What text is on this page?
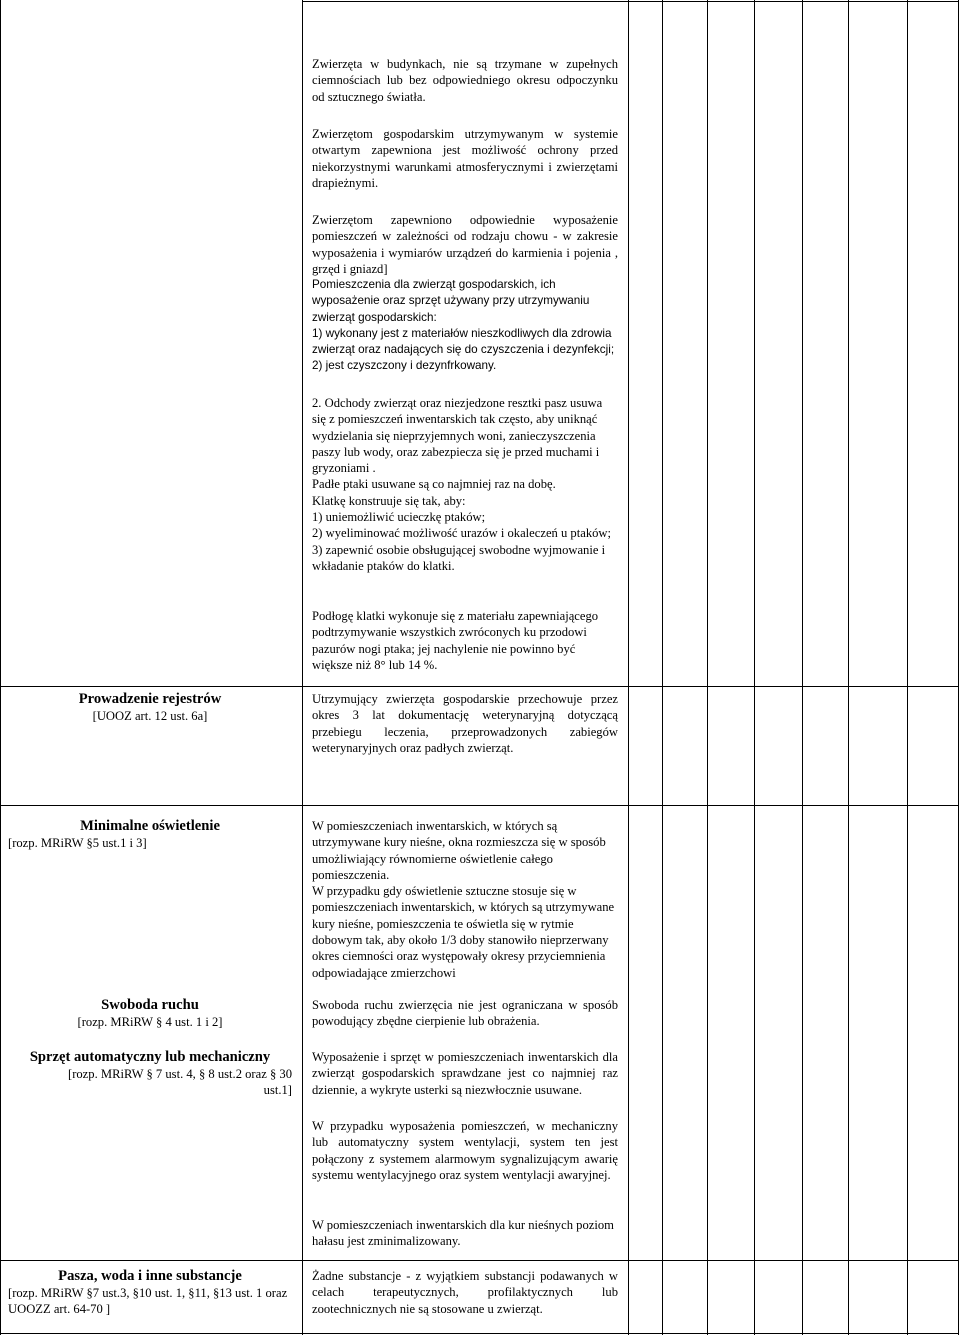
Zwierzęta w budynkach, nie są trzymane w zupełnych ciemnościach lub bez odpowiedniego okresu odpoczynku od sztucznego światła.

Zwierzętom gospodarskim utrzymywanym w systemie otwartym zapewniona jest możliwość ochrony przed niekorzystnymi warunkami atmosferycznymi i zwierzętami drapieżnymi.

Zwierzętom zapewniono odpowiednie wyposażenie pomieszczeń w zależności od rodzaju chowu - w zakresie wyposażenia i wymiarów urządzeń do karmienia i pojenia , grzęd i gniazd]

Pomieszczenia dla zwierząt gospodarskich, ich wyposażenie oraz sprzęt używany przy utrzymywaniu zwierząt gospodarskich:

1) wykonany jest z materiałów nieszkodliwych dla zdrowia zwierząt oraz nadających się do czyszczenia i dezynfekcji;

2) jest czyszczony i dezynfrkowany.

2. Odchody zwierząt oraz niezjedzone resztki pasz usuwa się z pomieszczeń inwentarskich tak często, aby uniknąć wydzielania się nieprzyjemnych woni, zanieczyszczenia paszy lub wody, oraz zabezpiecza się je przed muchami i gryzoniami .

Padłe ptaki usuwane są co najmniej raz na dobę.

Klatkę konstruuje się tak, aby:

1) uniemożliwić ucieczkę ptaków;

2) wyeliminować możliwość urazów i okaleczeń u ptaków;

3) zapewnić osobie obsługującej swobodne wyjmowanie i wkładanie ptaków do klatki.

Podłogę klatki wykonuje się z materiału zapewniającego podtrzymywanie wszystkich zwróconych ku przodowi pazurów nogi ptaka; jej nachylenie nie powinno być większe niż 8° lub 14 %.

Prowadzenie rejestrów
[UOOZ art. 12 ust. 6a]

Utrzymujący zwierzęta gospodarskie przechowuje przez okres 3 lat dokumentację weterynaryjną dotyczącą przebiegu leczenia, przeprowadzonych zabiegów weterynaryjnych oraz padłych zwierząt.

Minimalne oświetlenie
[rozp. MRiRW §5 ust.1 i 3]
Swoboda ruchu
[rozp. MRiRW § 4 ust. 1 i 2]
Sprzęt automatyczny lub mechaniczny
[rozp. MRiRW § 7 ust. 4, § 8 ust.2 oraz § 30 ust.1]

W pomieszczeniach inwentarskich, w których są utrzymywane kury nieśne, okna rozmieszcza się w sposób umożliwiający równomierne oświetlenie całego pomieszczenia.

W przypadku gdy oświetlenie sztuczne stosuje się w pomieszczeniach inwentarskich, w których są utrzymywane kury nieśne, pomieszczenia te oświetla się w rytmie dobowym tak, aby około 1/3 doby stanowiło nieprzerwany okres ciemności oraz występowały okresy przyciemnienia odpowiadające zmierzchowi

Swoboda ruchu zwierzęcia nie jest ograniczana w sposób powodujący zbędne cierpienie lub obrażenia.

Wyposażenie i sprzęt w pomieszczeniach inwentarskich dla zwierząt gospodarskich sprawdzane jest co najmniej raz dziennie, a wykryte usterki są niezwłocznie usuwane.

W przypadku wyposażenia pomieszczeń, w mechaniczny lub automatyczny system wentylacji, system ten jest połączony z systemem alarmowym sygnalizującym awarię systemu wentylacyjnego oraz system wentylacji awaryjnej.

W pomieszczeniach inwentarskich dla kur nieśnych poziom hałasu jest zminimalizowany.

Pasza, woda i inne substancje
[rozp. MRiRW §7 ust.3, §10 ust. 1, §11, §13 ust. 1 oraz UOOZZ art. 64-70 ]

Żadne substancje - z wyjątkiem substancji podawanych w celach terapeutycznych, profilaktycznych lub zootechnicznych nie są stosowane u zwierząt.
